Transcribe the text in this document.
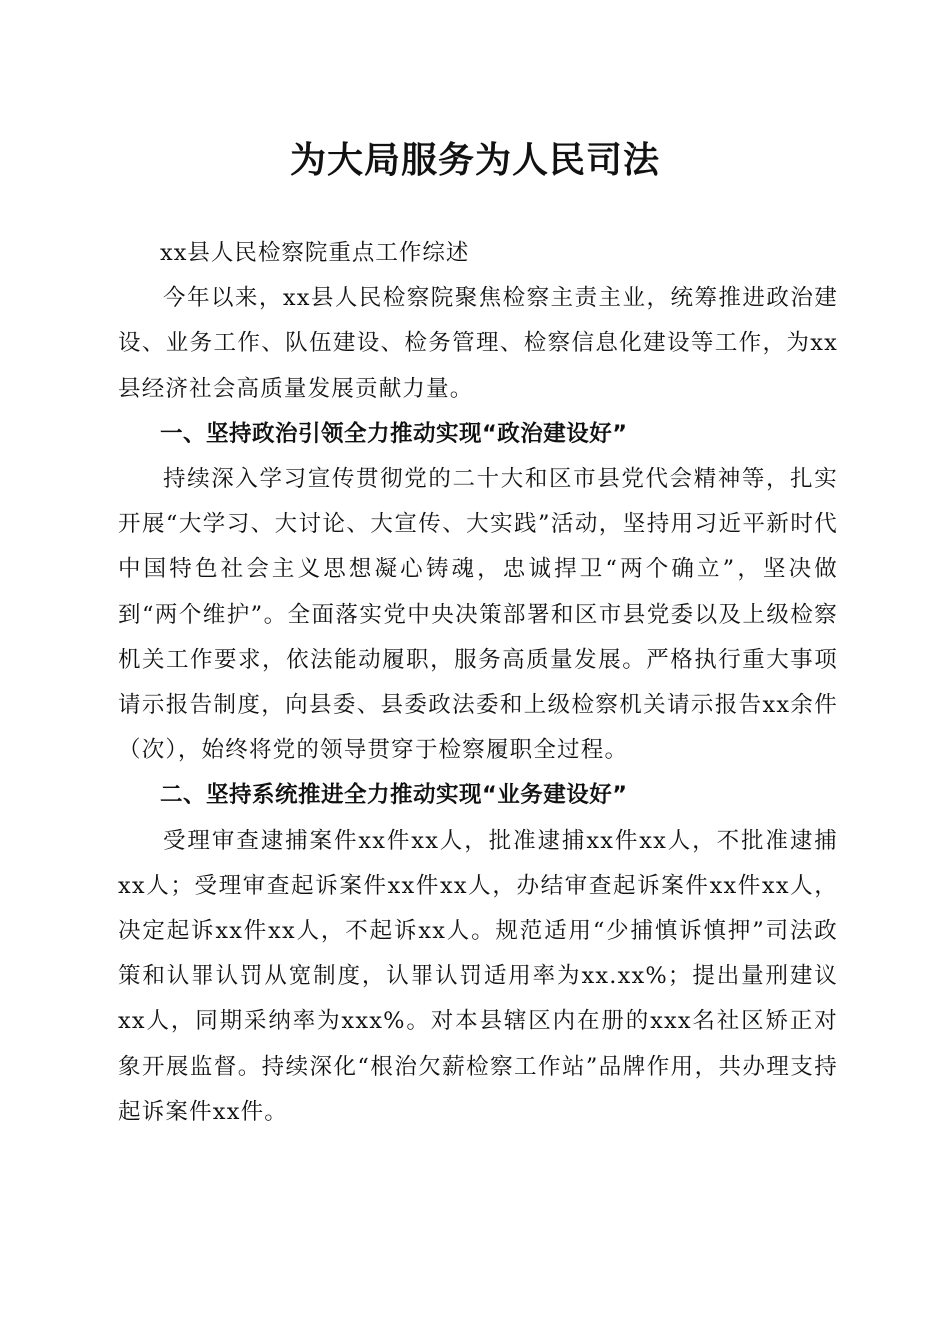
为大局服务为人民司法

xx县人民检察院重点工作综述

今年以来，xx县人民检察院聚焦检察主责主业，统筹推进政治建设、业务工作、队伍建设、检务管理、检察信息化建设等工作，为xx县经济社会高质量发展贡献力量。

一、坚持政治引领全力推动实现“政治建设好”

持续深入学习宣传贯彻党的二十大和区市县党代会精神等，扎实开展“大学习、大讨论、大宣传、大实践”活动，坚持用习近平新时代中国特色社会主义思想凝心铸魂，忠诚捍卫“两个确立”，坚决做到“两个维护”。全面落实党中央决策部署和区市县党委以及上级检察机关工作要求，依法能动履职，服务高质量发展。严格执行重大事项请示报告制度，向县委、县委政法委和上级检察机关请示报告xx余件（次），始终将党的领导贯穿于检察履职全过程。

二、坚持系统推进全力推动实现“业务建设好”

受理审查逮捕案件xx件xx人，批准逮捕xx件xx人，不批准逮捕xx人；受理审查起诉案件xx件xx人，办结审查起诉案件xx件xx人，决定起诉xx件xx人，不起诉xx人。规范适用“少捕慎诉慎押”司法政策和认罪认罚从宽制度，认罪认罚适用率为xx.xx%；提出量刑建议xx人，同期采纳率为xxx%。对本县辖区内在册的xxx名社区矫正对象开展监督。持续深化“根治欠薪检察工作站”品牌作用，共办理支持起诉案件xx件。
